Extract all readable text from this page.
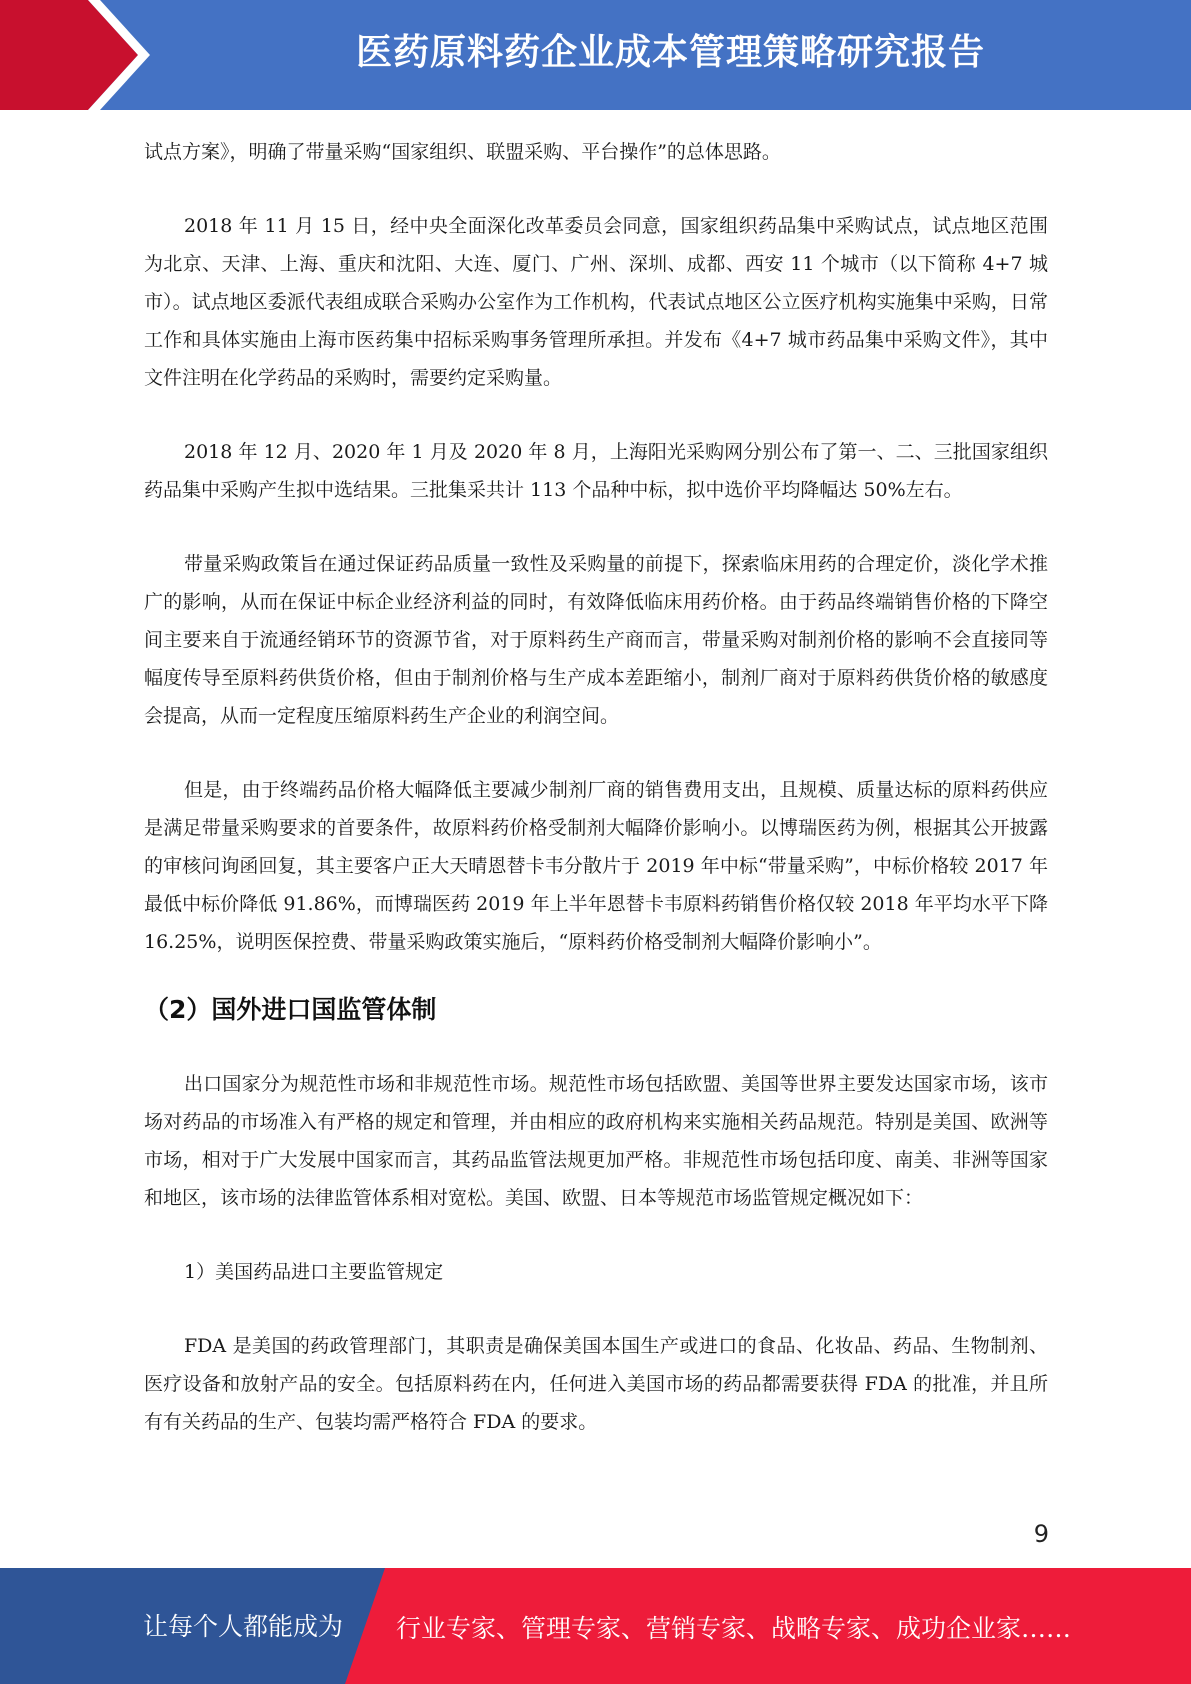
医药原料药企业成本管理策略研究报告

试点方案》，明确了带量采购“国家组织、联盟采购、平台操作”的总体思路。

2018 年 11 月 15 日，经中央全面深化改革委员会同意，国家组织药品集中采购试点，试点地区范围为北京、天津、上海、重庆和沈阳、大连、厦门、广州、深圳、成都、西安 11 个城市（以下简称 4+7 城市）。试点地区委派代表组成联合采购办公室作为工作机构，代表试点地区公立医疗机构实施集中采购，日常工作和具体实施由上海市医药集中招标采购事务管理所承担。并发布《4+7 城市药品集中采购文件》，其中文件注明在化学药品的采购时，需要约定采购量。

2018 年 12 月、2020 年 1 月及 2020 年 8 月，上海阳光采购网分别公布了第一、二、三批国家组织药品集中采购产生拟中选结果。三批集采共计 113 个品种中标，拟中选价平均降幅达 50%左右。

带量采购政策旨在通过保证药品质量一致性及采购量的前提下，探索临床用药的合理定价，淡化学术推广的影响，从而在保证中标企业经济利益的同时，有效降低临床用药价格。由于药品终端销售价格的下降空间主要来自于流通经销环节的资源节省，对于原料药生产商而言，带量采购对制剂价格的影响不会直接同等幅度传导至原料药供货价格，但由于制剂价格与生产成本差距缩小，制剂厂商对于原料药供货价格的敏感度会提高，从而一定程度压缩原料药生产企业的利润空间。

但是，由于终端药品价格大幅降低主要减少制剂厂商的销售费用支出，且规模、质量达标的原料药供应是满足带量采购要求的首要条件，故原料药价格受制剂大幅降价影响小。以博瑞医药为例，根据其公开披露的审核问询函回复，其主要客户正大天晴恩替卡韦分散片于 2019 年中标“带量采购”，中标价格较 2017 年最低中标价降低 91.86%，而博瑞医药 2019 年上半年恩替卡韦原料药销售价格仅较 2018 年平均水平下降 16.25%，说明医保控费、带量采购政策实施后，“原料药价格受制剂大幅降价影响小”。

（2）国外进口国监管体制

出口国家分为规范性市场和非规范性市场。规范性市场包括欧盟、美国等世界主要发达国家市场，该市场对药品的市场准入有严格的规定和管理，并由相应的政府机构来实施相关药品规范。特别是美国、欧洲等市场，相对于广大发展中国家而言，其药品监管法规更加严格。非规范性市场包括印度、南美、非洲等国家和地区，该市场的法律监管体系相对宽松。美国、欧盟、日本等规范市场监管规定概况如下：

1）美国药品进口主要监管规定

FDA 是美国的药政管理部门，其职责是确保美国本国生产或进口的食品、化妆品、药品、生物制剂、医疗设备和放射产品的安全。包括原料药在内，任何进入美国市场的药品都需要获得 FDA 的批准，并且所有有关药品的生产、包装均需严格符合 FDA 的要求。

9
让每个人都能成为 行业专家、管理专家、营销专家、战略专家、成功企业家……
